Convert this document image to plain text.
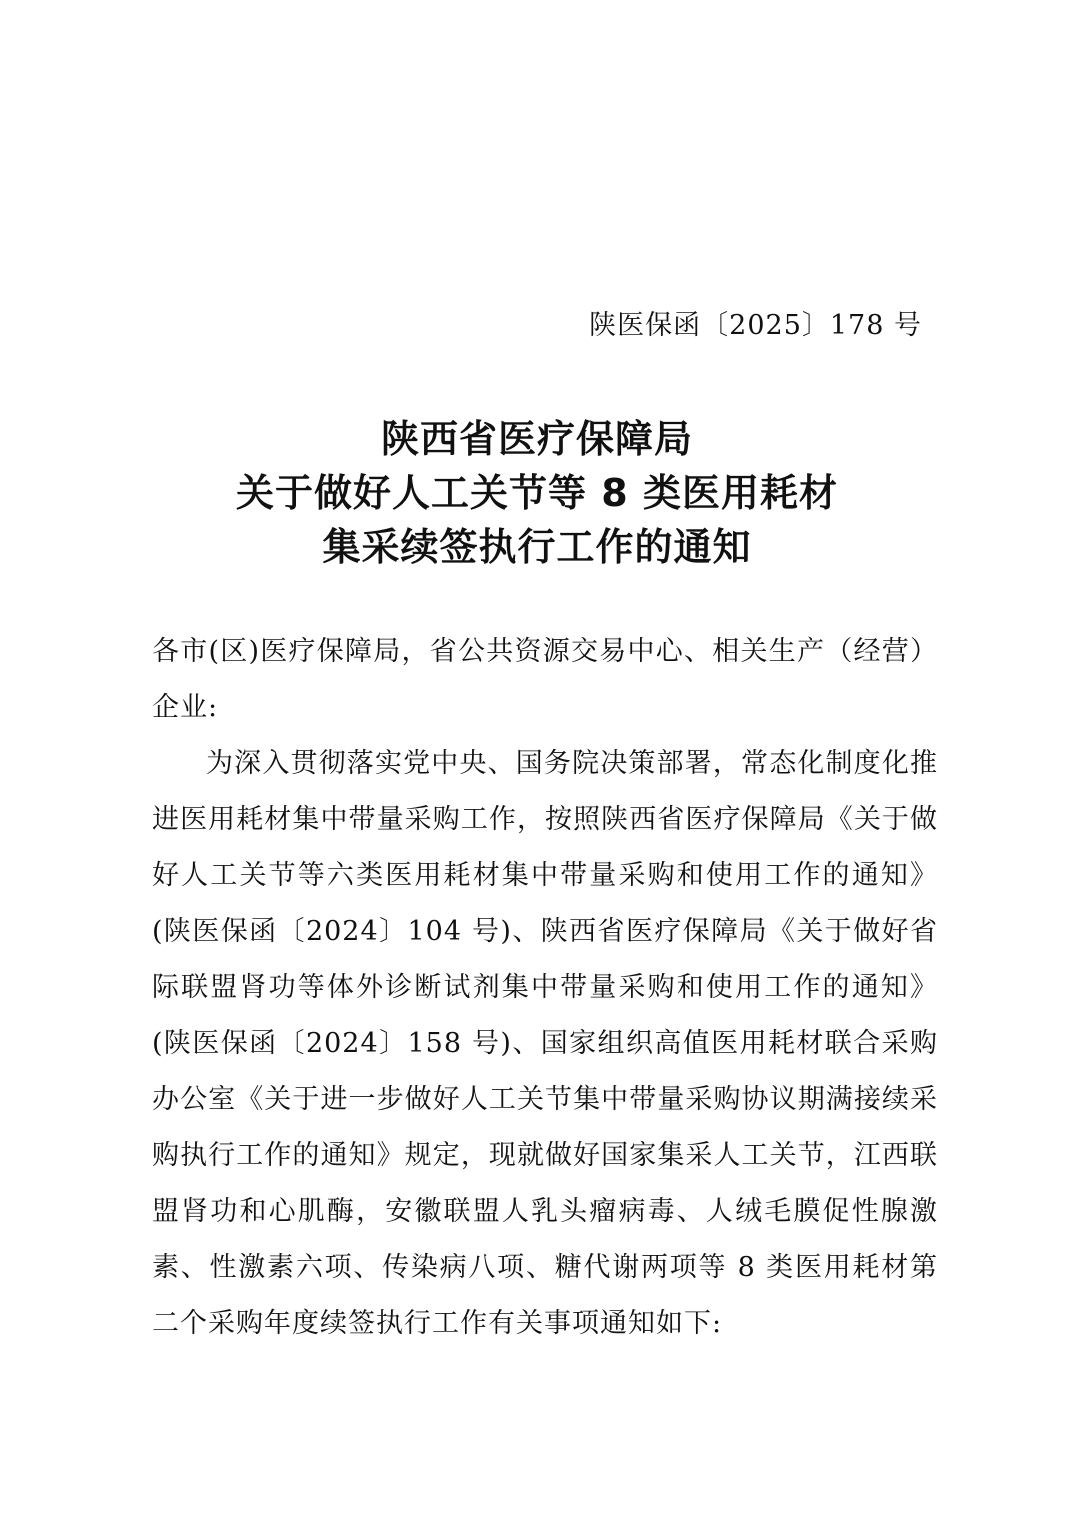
陕医保函〔2025〕178 号
陕西省医疗保障局
关于做好人工关节等 8 类医用耗材
集采续签执行工作的通知
各市(区)医疗保障局，省公共资源交易中心、相关生产（经营）企业:
为深入贯彻落实党中央、国务院决策部署，常态化制度化推进医用耗材集中带量采购工作，按照陕西省医疗保障局《关于做好人工关节等六类医用耗材集中带量采购和使用工作的通知》(陕医保函〔2024〕104 号)、陕西省医疗保障局《关于做好省际联盟肾功等体外诊断试剂集中带量采购和使用工作的通知》(陕医保函〔2024〕158 号)、国家组织高值医用耗材联合采购办公室《关于进一步做好人工关节集中带量采购协议期满接续采购执行工作的通知》规定，现就做好国家集采人工关节，江西联盟肾功和心肌酶，安徽联盟人乳头瘤病毒、人绒毛膜促性腺激素、性激素六项、传染病八项、糖代谢两项等 8 类医用耗材第二个采购年度续签执行工作有关事项通知如下:
